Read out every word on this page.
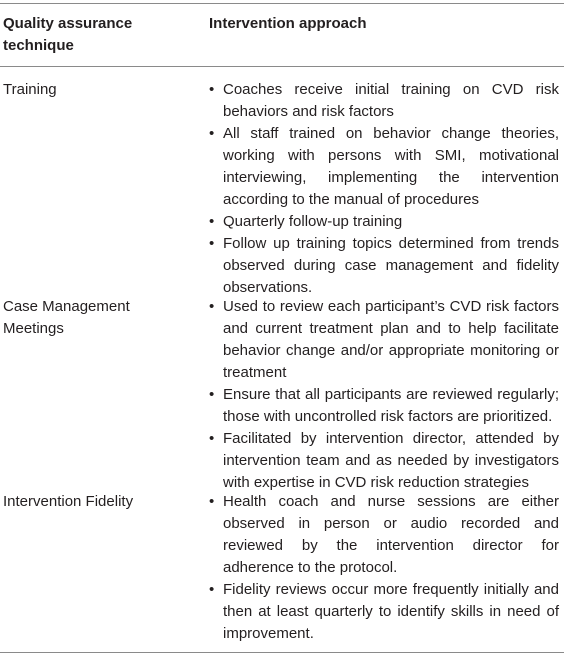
Quality assurance technique
Intervention approach
Training	• Coaches receive initial training on CVD risk behaviors and risk factors
• All staff trained on behavior change theories, working with persons with SMI, motivational interviewing, implementing the intervention according to the manual of procedures
• Quarterly follow-up training
• Follow up training topics determined from trends observed during case management and fidelity observations.
Case Management Meetings
• Used to review each participant’s CVD risk factors and current treatment plan and to help facilitate behavior change and/or appropriate monitoring or treatment
• Ensure that all participants are reviewed regularly; those with uncontrolled risk factors are prioritized.
• Facilitated by intervention director, attended by intervention team and as needed by investigators with expertise in CVD risk reduction strategies
Intervention Fidelity	• Health coach and nurse sessions are either observed in person or audio recorded and reviewed by the intervention director for adherence to the protocol.
• Fidelity reviews occur more frequently initially and then at least quarterly to identify skills in need of improvement.
